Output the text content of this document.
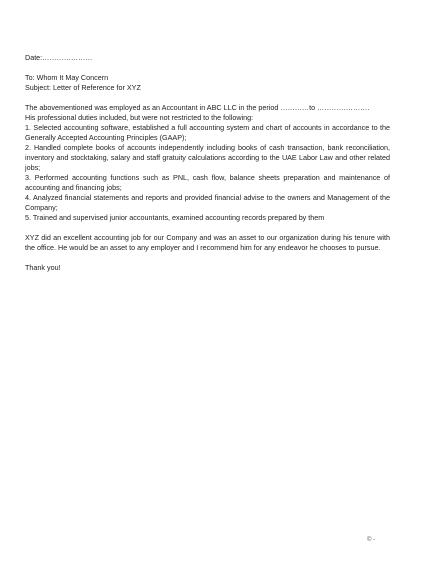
Date:…………………
To: Whom It May Concern
Subject: Letter of Reference for XYZ
The abovementioned was employed as an Accountant in ABC LLC in the period …………to ………………….
His professional duties included, but were not restricted to the following:
1. Selected accounting software, established a full accounting system and chart of accounts in accordance to the Generally Accepted Accounting Principles (GAAP);
2. Handled complete books of accounts independently including books of cash transaction, bank reconciliation, inventory and stocktaking, salary and staff gratuity calculations according to the UAE Labor Law and other related jobs;
3. Performed accounting functions such as PNL, cash flow, balance sheets preparation and maintenance of accounting and financing jobs;
4. Analyzed financial statements and reports and provided financial advise to the owners and Management of the Company;
5. Trained and supervised junior accountants, examined accounting records prepared by them
XYZ did an excellent accounting job for our Company and was an asset to our organization during his tenure with the office. He would be an asset to any employer and I recommend him for any endeavor he chooses to pursue.
Thank you!
© -
